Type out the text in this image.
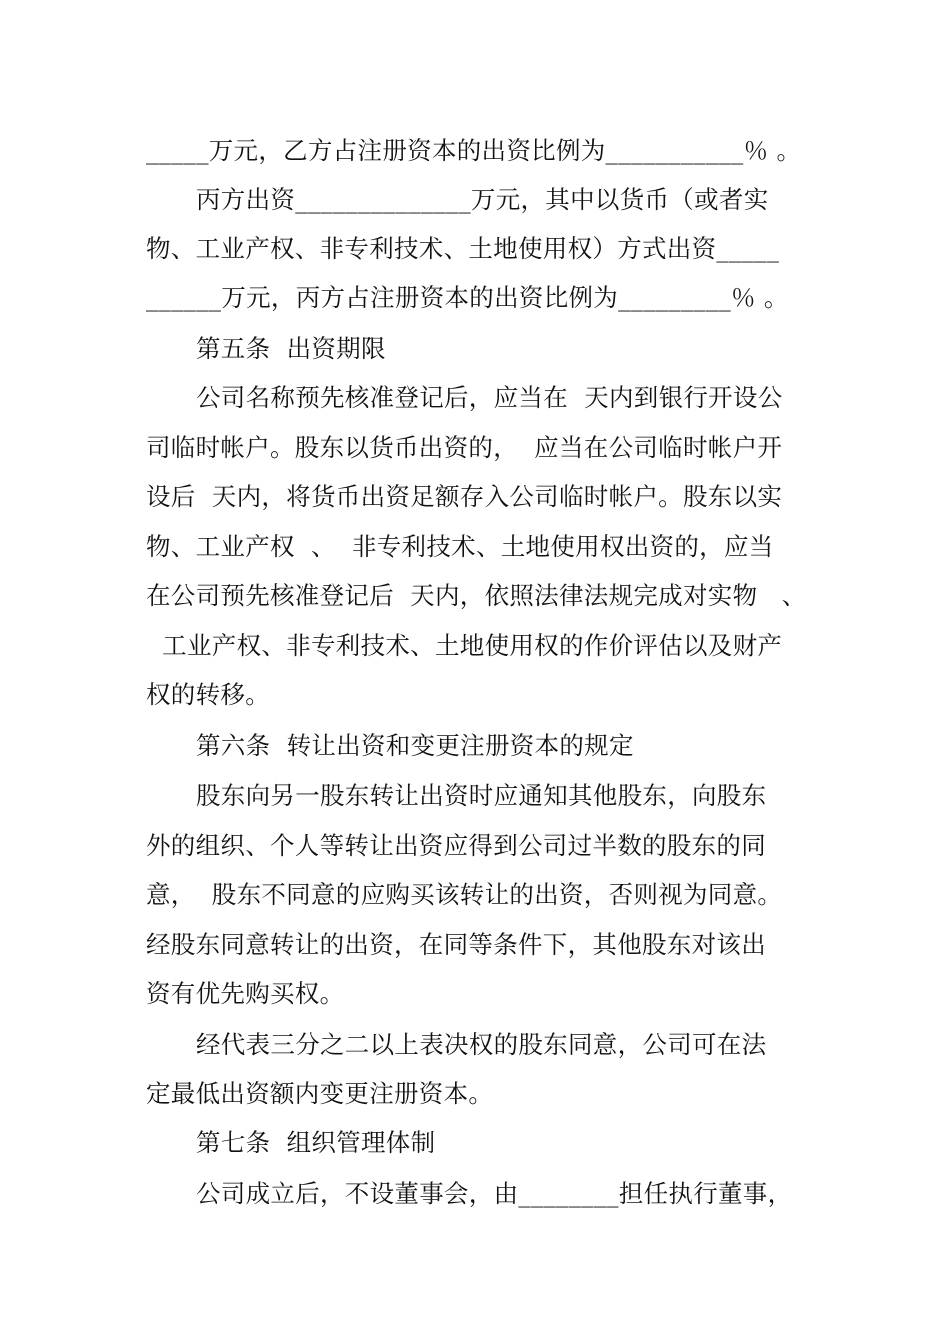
_____万元，乙方占注册资本的出资比例为___________％ 。
丙方出资______________万元，其中以货币（或者实
物、工业产权、非专利技术、土地使用权）方式出资_____
______万元，丙方占注册资本的出资比例为_________％ 。
第五条  出资期限
公司名称预先核准登记后，应当在  天内到银行开设公
司临时帐户。股东以货币出资的，  应当在公司临时帐户开
设后  天内，将货币出资足额存入公司临时帐户。股东以实
物、工业产权  、  非专利技术、土地使用权出资的，应当
在公司预先核准登记后  天内，依照法律法规完成对实物   、
工业产权、非专利技术、土地使用权的作价评估以及财产
权的转移。
第六条  转让出资和变更注册资本的规定
股东向另一股东转让出资时应通知其他股东，向股东
外的组织、个人等转让出资应得到公司过半数的股东的同
意，  股东不同意的应购买该转让的出资，否则视为同意。
经股东同意转让的出资，在同等条件下，其他股东对该出
资有优先购买权。
经代表三分之二以上表决权的股东同意，公司可在法
定最低出资额内变更注册资本。
第七条  组织管理体制
公司成立后，不设董事会，由________担任执行董事，
